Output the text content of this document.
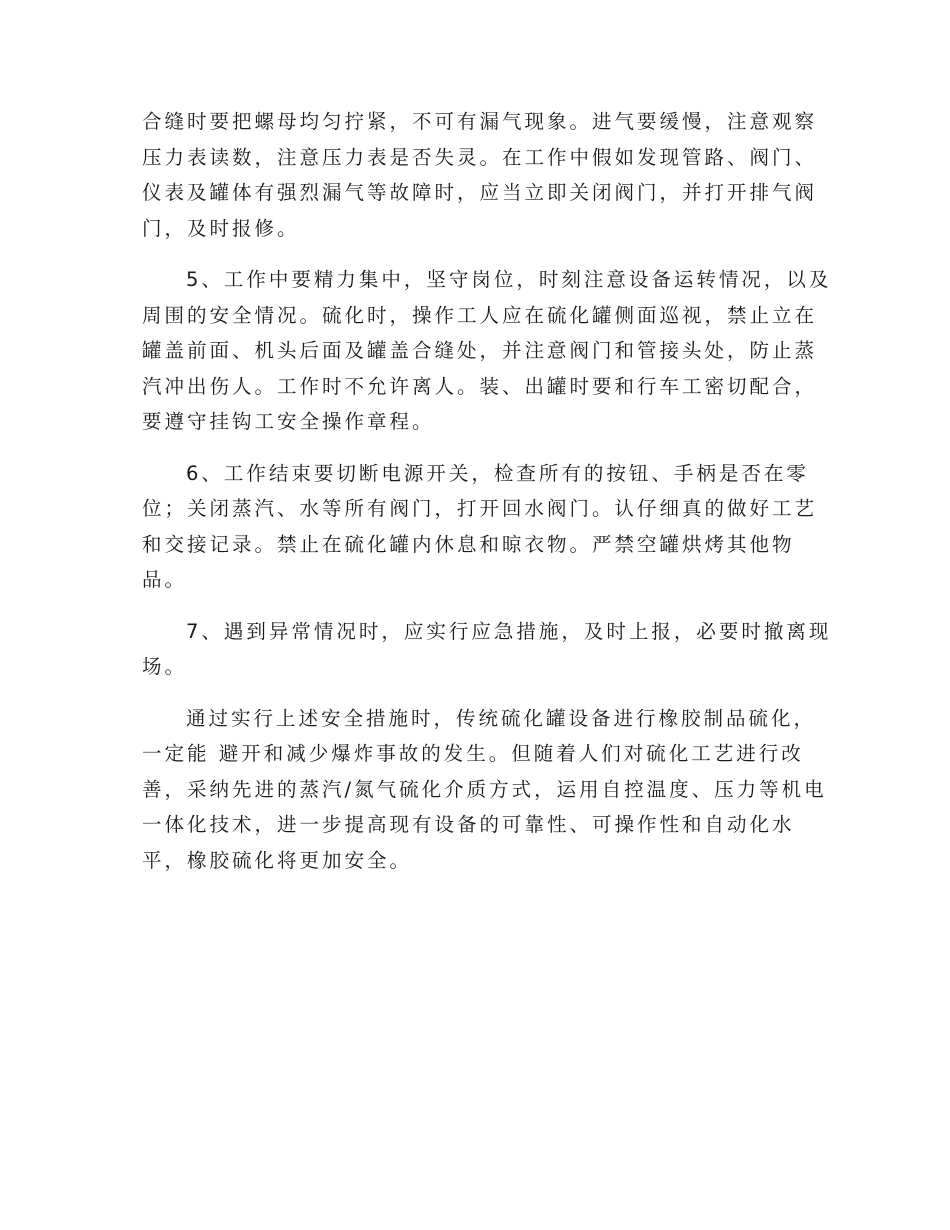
合缝时要把螺母均匀拧紧，不可有漏气现象。进气要缓慢，注意观察
压力表读数，注意压力表是否失灵。在工作中假如发现管路、阀门、
仪表及罐体有强烈漏气等故障时，应当立即关闭阀门，并打开排气阀
门，及时报修。

5、工作中要精力集中，坚守岗位，时刻注意设备运转情况，以及
周围的安全情况。硫化时，操作工人应在硫化罐侧面巡视，禁止立在
罐盖前面、机头后面及罐盖合缝处，并注意阀门和管接头处，防止蒸
汽冲出伤人。工作时不允许离人。装、出罐时要和行车工密切配合，
要遵守挂钩工安全操作章程。

6、工作结束要切断电源开关，检查所有的按钮、手柄是否在零
位；关闭蒸汽、水等所有阀门，打开回水阀门。认仔细真的做好工艺
和交接记录。禁止在硫化罐内休息和晾衣物。严禁空罐烘烤其他物
品。

7、遇到异常情况时，应实行应急措施，及时上报，必要时撤离现
场。

通过实行上述安全措施时，传统硫化罐设备进行橡胶制品硫化，
一定能 避开和减少爆炸事故的发生。但随着人们对硫化工艺进行改
善，采纳先进的蒸汽/氮气硫化介质方式，运用自控温度、压力等机电
一体化技术，进一步提高现有设备的可靠性、可操作性和自动化水
平，橡胶硫化将更加安全。
